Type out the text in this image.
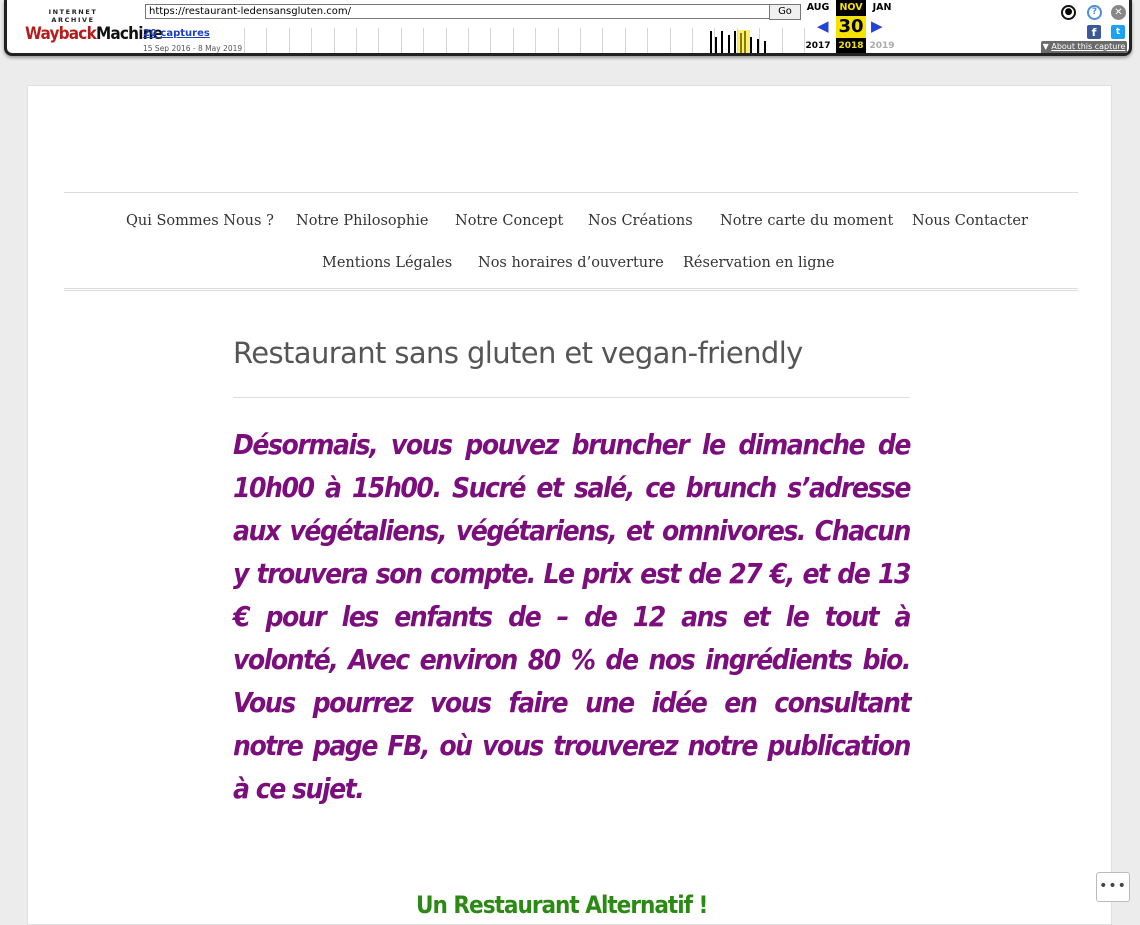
INTERNET ARCHIVE
WaybackMachine
https://restaurant-ledensansgluten.com/	Go
20 captures
15 Sep 2016 - 8 May 2019
AUG
◀
2017
NOV
2018
30
JAN
▶
2019
●	?	✕
f	t
▼ About this capture
Qui Sommes Nous ? Notre Philosophie Notre Concept Nos Créations Notre carte du moment Nous Contacter
Mentions Légales Nos horaires d’ouverture Réservation en ligne
Restaurant sans gluten et vegan-friendly

Désormais, vous pouvez bruncher le dimanche de 10h00 à 15h00. Sucré et salé, ce brunch s’adresse aux végétaliens, végétariens, et omnivores. Chacun y trouvera son compte. Le prix est de 27 €, et de 13 € pour les enfants de – de 12 ans et le tout à volonté, Avec environ 80 % de nos ingrédients bio. Vous pourrez vous faire une idée en consultant notre page FB, où vous trouverez notre publication à ce sujet.

Un Restaurant Alternatif !
•••
